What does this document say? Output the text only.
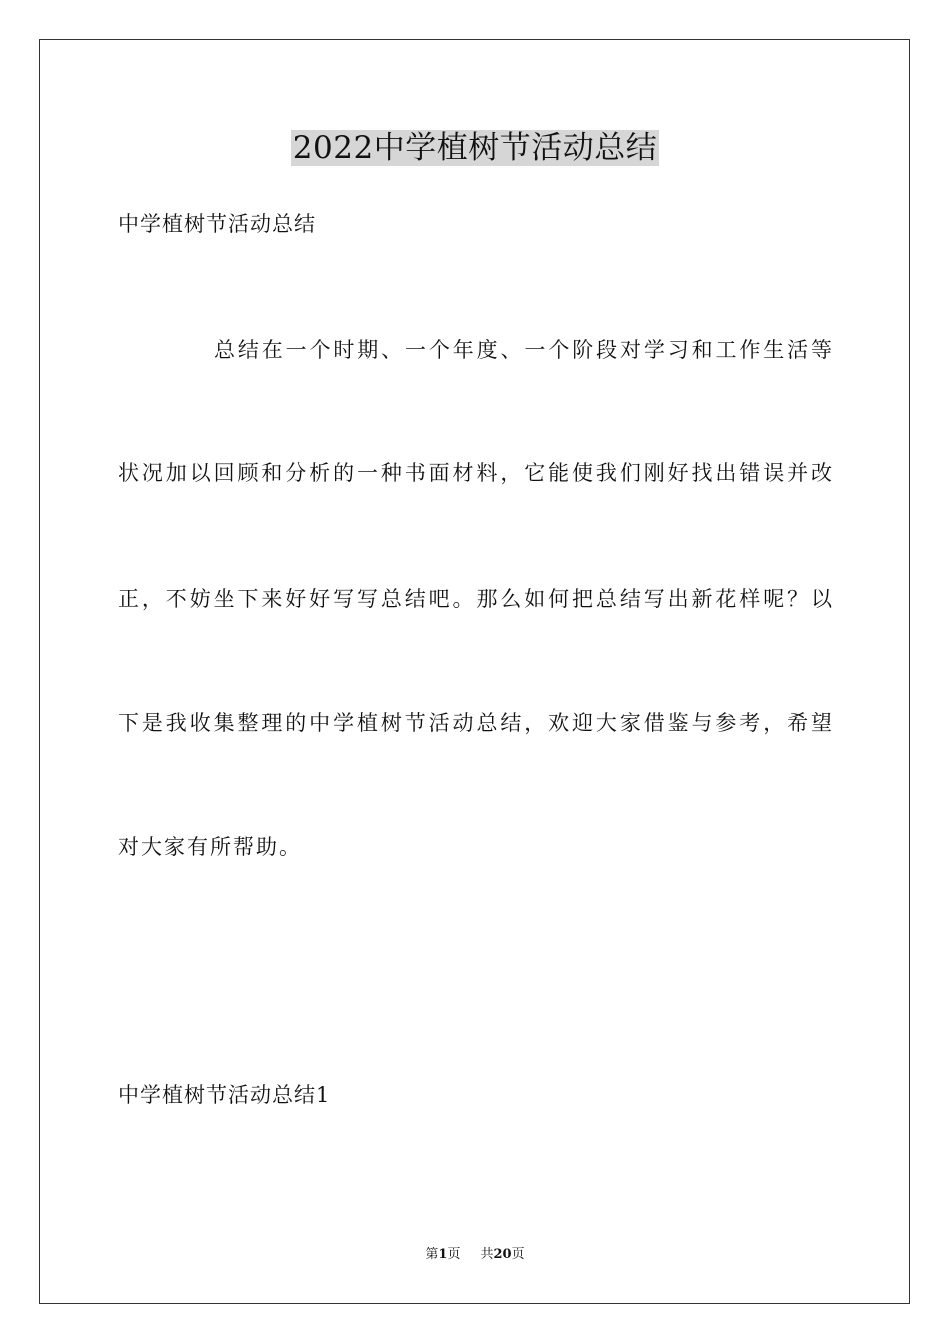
2022中学植树节活动总结
中学植树节活动总结
总结在一个时期、一个年度、一个阶段对学习和工作生活等
状况加以回顾和分析的一种书面材料，它能使我们刚好找出错误并改
正，不妨坐下来好好写写总结吧。那么如何把总结写出新花样呢？以
下是我收集整理的中学植树节活动总结，欢迎大家借鉴与参考，希望
对大家有所帮助。
中学植树节活动总结1
第1页 共20页
